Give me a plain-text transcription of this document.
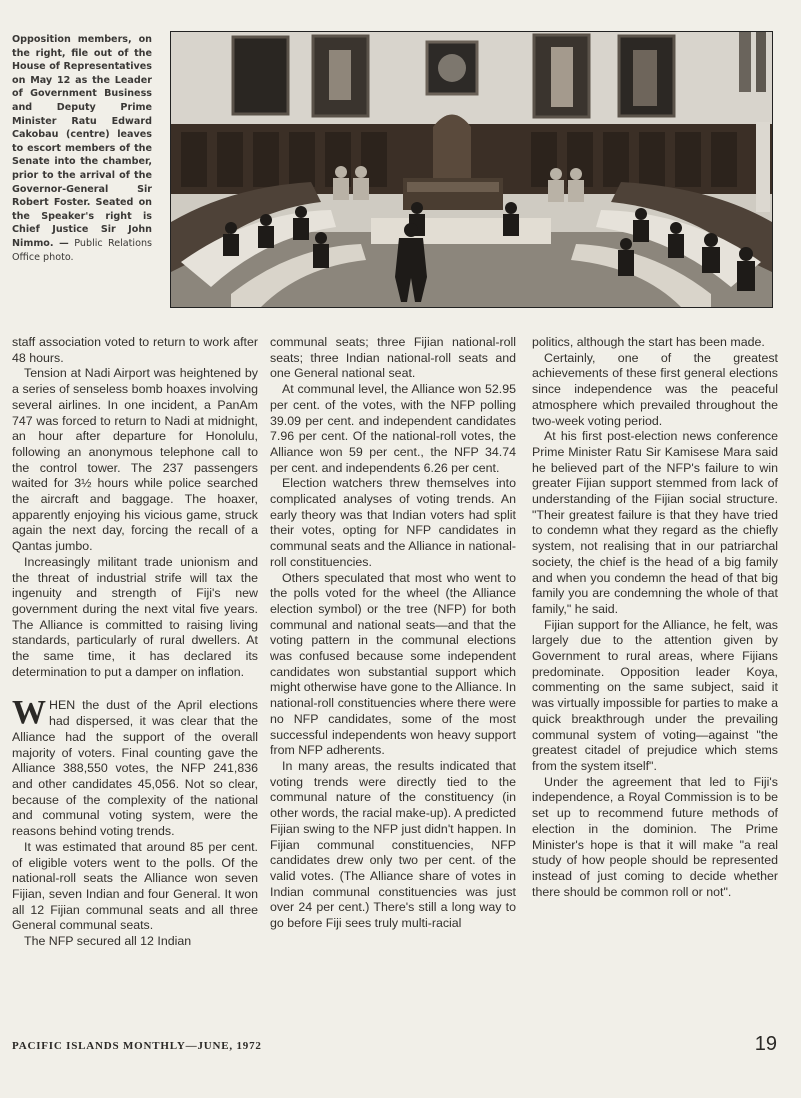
Opposition members, on the right, file out of the House of Representatives on May 12 as the Leader of Government Business and Deputy Prime Minister Ratu Edward Cakobau (centre) leaves to escort members of the Senate into the chamber, prior to the arrival of the Governor-General Sir Robert Foster. Seated on the Speaker's right is Chief Justice Sir John Nimmo. — Public Relations Office photo.

staff association voted to return to work after 48 hours.

Tension at Nadi Airport was heightened by a series of senseless bomb hoaxes involving several airlines. In one incident, a PanAm 747 was forced to return to Nadi at midnight, an hour after departure for Honolulu, following an anonymous telephone call to the control tower. The 237 passengers waited for 3½ hours while police searched the aircraft and baggage. The hoaxer, apparently enjoying his vicious game, struck again the next day, forcing the recall of a Qantas jumbo.

Increasingly militant trade unionism and the threat of industrial strife will tax the ingenuity and strength of Fiji's new government during the next vital five years. The Alliance is committed to raising living standards, particularly of rural dwellers. At the same time, it has declared its determination to put a damper on inflation.

WHEN the dust of the April elections had dispersed, it was clear that the Alliance had the support of the overall majority of voters. Final counting gave the Alliance 388,550 votes, the NFP 241,836 and other candidates 45,056. Not so clear, because of the complexity of the national and communal voting system, were the reasons behind voting trends.

It was estimated that around 85 per cent. of eligible voters went to the polls. Of the national-roll seats the Alliance won seven Fijian, seven Indian and four General. It won all 12 Fijian communal seats and all three General communal seats.

The NFP secured all 12 Indian

communal seats; three Fijian national-roll seats; three Indian national-roll seats and one General national seat.

At communal level, the Alliance won 52.95 per cent. of the votes, with the NFP polling 39.09 per cent. and independent candidates 7.96 per cent. Of the national-roll votes, the Alliance won 59 per cent., the NFP 34.74 per cent. and independents 6.26 per cent.

Election watchers threw themselves into complicated analyses of voting trends. An early theory was that Indian voters had split their votes, opting for NFP candidates in communal seats and the Alliance in national-roll constituencies.

Others speculated that most who went to the polls voted for the wheel (the Alliance election symbol) or the tree (NFP) for both communal and national seats—and that the voting pattern in the communal elections was confused because some independent candidates won substantial support which might otherwise have gone to the Alliance. In national-roll constituencies where there were no NFP candidates, some of the most successful independents won heavy support from NFP adherents.

In many areas, the results indicated that voting trends were directly tied to the communal nature of the constituency (in other words, the racial make-up). A predicted Fijian swing to the NFP just didn't happen. In Fijian communal constituencies, NFP candidates drew only two per cent. of the valid votes. (The Alliance share of votes in Indian communal constituencies was just over 24 per cent.) There's still a long way to go before Fiji sees truly multi-racial

politics, although the start has been made.

Certainly, one of the greatest achievements of these first general elections since independence was the peaceful atmosphere which prevailed throughout the two-week voting period.

At his first post-election news conference Prime Minister Ratu Sir Kamisese Mara said he believed part of the NFP's failure to win greater Fijian support stemmed from lack of understanding of the Fijian social structure. "Their greatest failure is that they have tried to condemn what they regard as the chiefly system, not realising that in our patriarchal society, the chief is the head of a big family and when you condemn the head of that big family you are condemning the whole of that family," he said.

Fijian support for the Alliance, he felt, was largely due to the attention given by Government to rural areas, where Fijians predominate. Opposition leader Koya, commenting on the same subject, said it was virtually impossible for parties to make a quick breakthrough under the prevailing communal system of voting—against "the greatest citadel of prejudice which stems from the system itself".

Under the agreement that led to Fiji's independence, a Royal Commission is to be set up to recommend future methods of election in the dominion. The Prime Minister's hope is that it will make "a real study of how people should be represented instead of just coming to decide whether there should be common roll or not".

PACIFIC ISLANDS MONTHLY—JUNE, 1972	19
